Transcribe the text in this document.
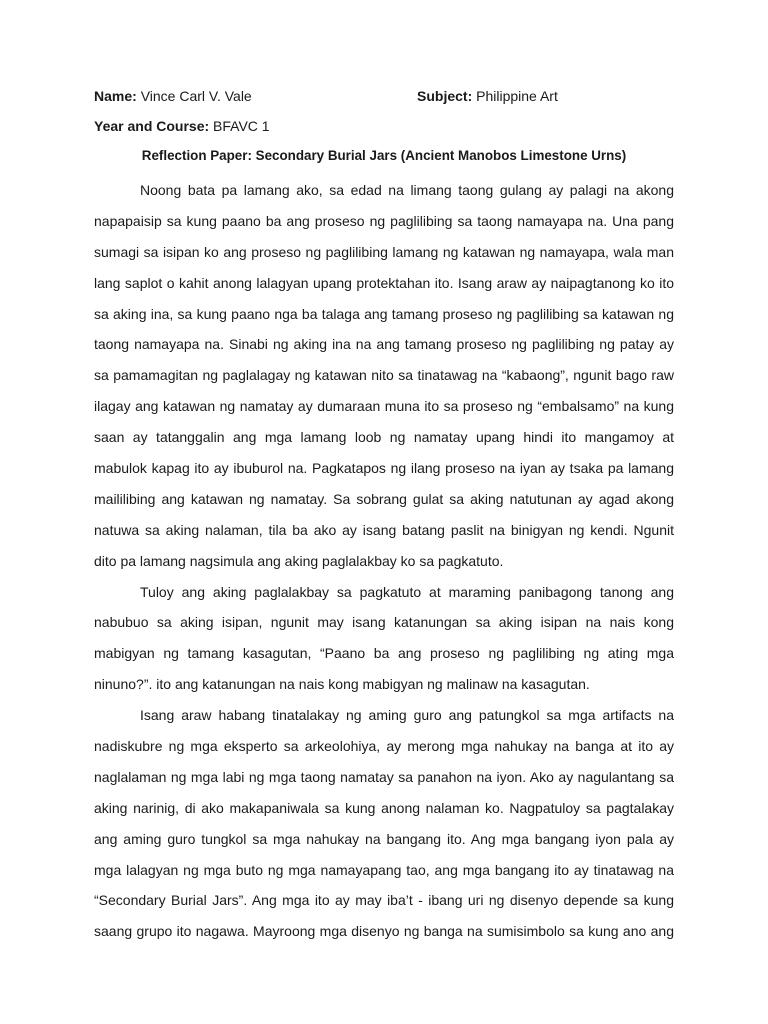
Name: Vince Carl V. Vale	Subject: Philippine Art
Year and Course: BFAVC 1
Reflection Paper: Secondary Burial Jars (Ancient Manobos Limestone Urns)
Noong bata pa lamang ako, sa edad na limang taong gulang ay palagi na akong
napapaisip sa kung paano ba ang proseso ng paglilibing sa taong namayapa na. Una pang
sumagi sa isipan ko ang proseso ng paglilibing lamang ng katawan ng namayapa, wala man
lang saplot o kahit anong lalagyan upang protektahan ito. Isang araw ay naipagtanong ko ito
sa aking ina, sa kung paano nga ba talaga ang tamang proseso ng paglilibing sa katawan ng
taong namayapa na. Sinabi ng aking ina na ang tamang proseso ng paglilibing ng patay ay
sa pamamagitan ng paglalagay ng katawan nito sa tinatawag na “kabaong”, ngunit bago raw
ilagay ang katawan ng namatay ay dumaraan muna ito sa proseso ng “embalsamo” na kung
saan ay tatanggalin ang mga lamang loob ng namatay upang hindi ito mangamoy at
mabulok kapag ito ay ibuburol na. Pagkatapos ng ilang proseso na iyan ay tsaka pa lamang
maililibing ang katawan ng namatay. Sa sobrang gulat sa aking natutunan ay agad akong
natuwa sa aking nalaman, tila ba ako ay isang batang paslit na binigyan ng kendi. Ngunit
dito pa lamang nagsimula ang aking paglalakbay ko sa pagkatuto.
Tuloy ang aking paglalakbay sa pagkatuto at maraming panibagong tanong ang
nabubuo sa aking isipan, ngunit may isang katanungan sa aking isipan na nais kong
mabigyan ng tamang kasagutan, “Paano ba ang proseso ng paglilibing ng ating mga
ninuno?”. ito ang katanungan na nais kong mabigyan ng malinaw na kasagutan.
Isang araw habang tinatalakay ng aming guro ang patungkol sa mga artifacts na
nadiskubre ng mga eksperto sa arkeolohiya, ay merong mga nahukay na banga at ito ay
naglalaman ng mga labi ng mga taong namatay sa panahon na iyon. Ako ay nagulantang sa
aking narinig, di ako makapaniwala sa kung anong nalaman ko. Nagpatuloy sa pagtalakay
ang aming guro tungkol sa mga nahukay na bangang ito. Ang mga bangang iyon pala ay
mga lalagyan ng mga buto ng mga namayapang tao, ang mga bangang ito ay tinatawag na
“Secondary Burial Jars”. Ang mga ito ay may iba’t - ibang uri ng disenyo depende sa kung
saang grupo ito nagawa. Mayroong mga disenyo ng banga na sumisimbolo sa kung ano ang
